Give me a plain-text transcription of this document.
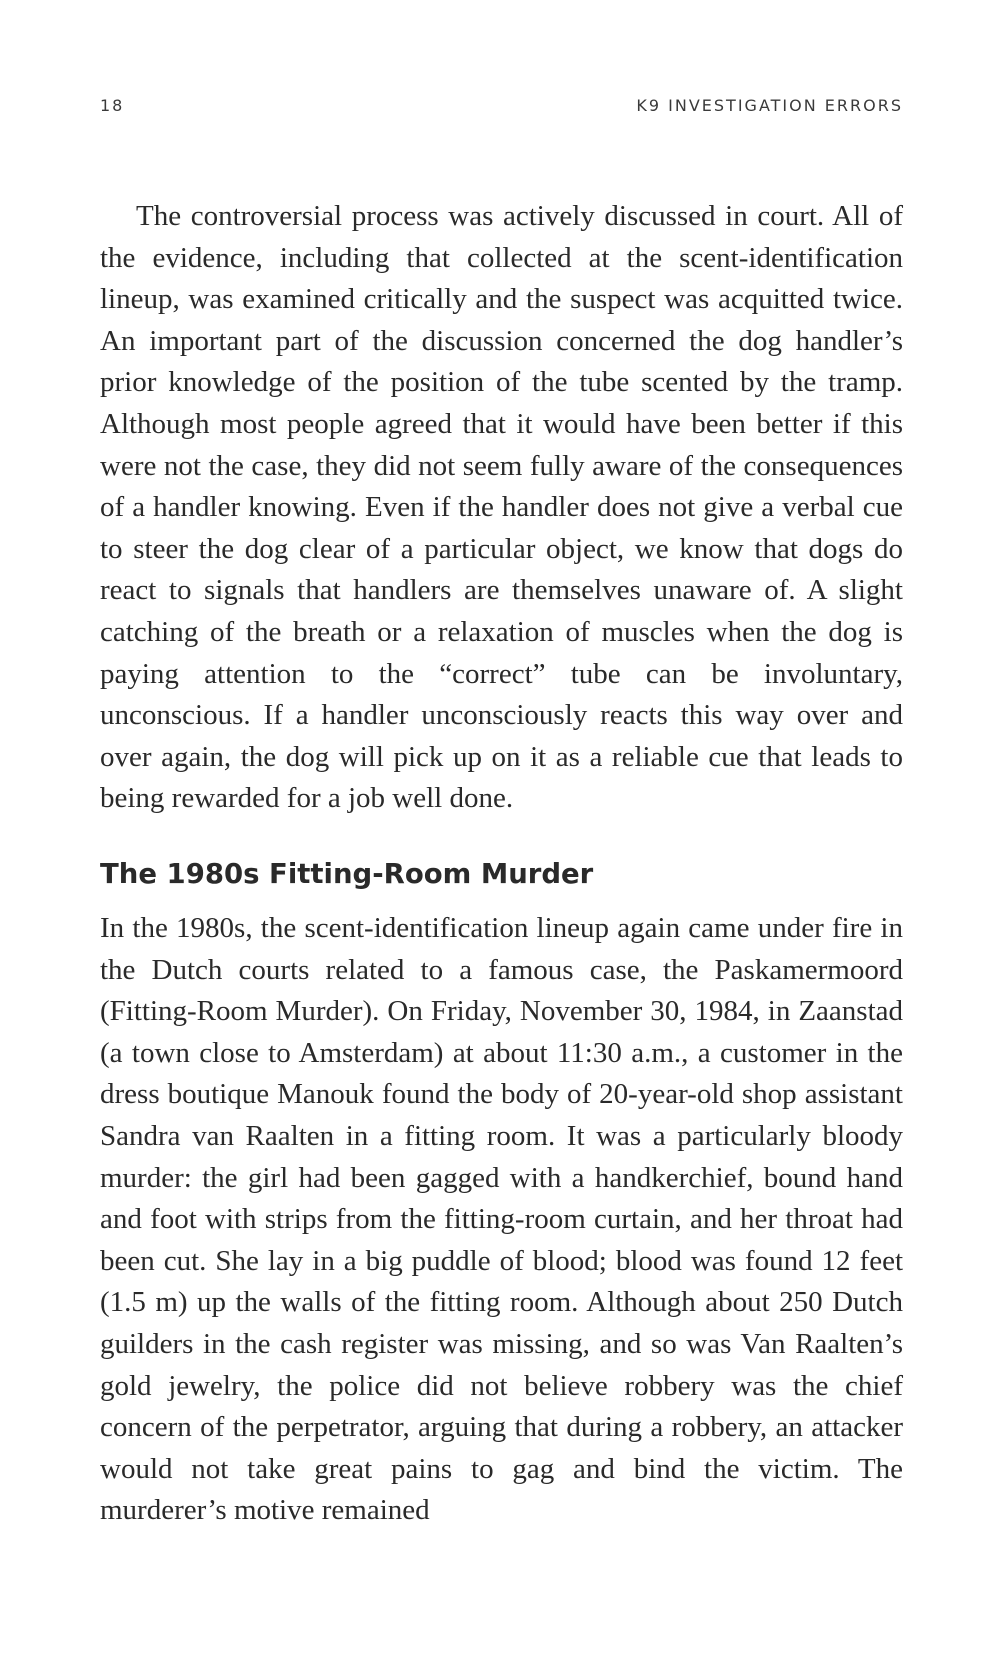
18	K9 INVESTIGATION ERRORS

The controversial process was actively discussed in court. All of the evidence, including that collected at the scent-identification lineup, was examined critically and the suspect was acquitted twice. An important part of the discussion concerned the dog handler’s prior knowledge of the position of the tube scented by the tramp. Although most people agreed that it would have been better if this were not the case, they did not seem fully aware of the consequences of a handler knowing. Even if the handler does not give a verbal cue to steer the dog clear of a particular object, we know that dogs do react to signals that handlers are themselves unaware of. A slight catching of the breath or a relaxation of muscles when the dog is paying attention to the “correct” tube can be involuntary, unconscious. If a handler unconsciously reacts this way over and over again, the dog will pick up on it as a reliable cue that leads to being rewarded for a job well done.

The 1980s Fitting-Room Murder

In the 1980s, the scent-identification lineup again came under fire in the Dutch courts related to a famous case, the Paskamermoord (Fitting-Room Murder). On Friday, November 30, 1984, in Zaanstad (a town close to Amsterdam) at about 11:30 a.m., a customer in the dress boutique Manouk found the body of 20-year-old shop assistant Sandra van Raalten in a fitting room. It was a particularly bloody murder: the girl had been gagged with a handkerchief, bound hand and foot with strips from the fitting-room curtain, and her throat had been cut. She lay in a big puddle of blood; blood was found 12 feet (1.5 m) up the walls of the fitting room. Although about 250 Dutch guilders in the cash register was missing, and so was Van Raalten’s gold jewelry, the police did not believe robbery was the chief concern of the perpetrator, arguing that during a robbery, an attacker would not take great pains to gag and bind the victim. The murderer’s motive remained
